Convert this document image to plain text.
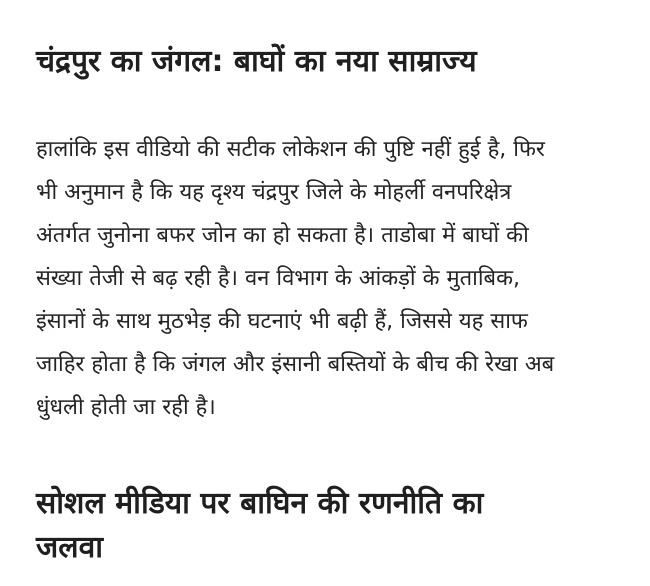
चंद्रपुर का जंगल: बाघों का नया साम्राज्य

हालांकि इस वीडियो की सटीक लोकेशन की पुष्टि नहीं हुई है, फिर
भी अनुमान है कि यह दृश्य चंद्रपुर जिले के मोहर्ली वनपरिक्षेत्र
अंतर्गत जुनोना बफर जोन का हो सकता है। ताडोबा में बाघों की
संख्या तेजी से बढ़ रही है। वन विभाग के आंकड़ों के मुताबिक,
इंसानों के साथ मुठभेड़ की घटनाएं भी बढ़ी हैं, जिससे यह साफ
जाहिर होता है कि जंगल और इंसानी बस्तियों के बीच की रेखा अब
धुंधली होती जा रही है।

सोशल मीडिया पर बाघिन की रणनीति का
जलवा
